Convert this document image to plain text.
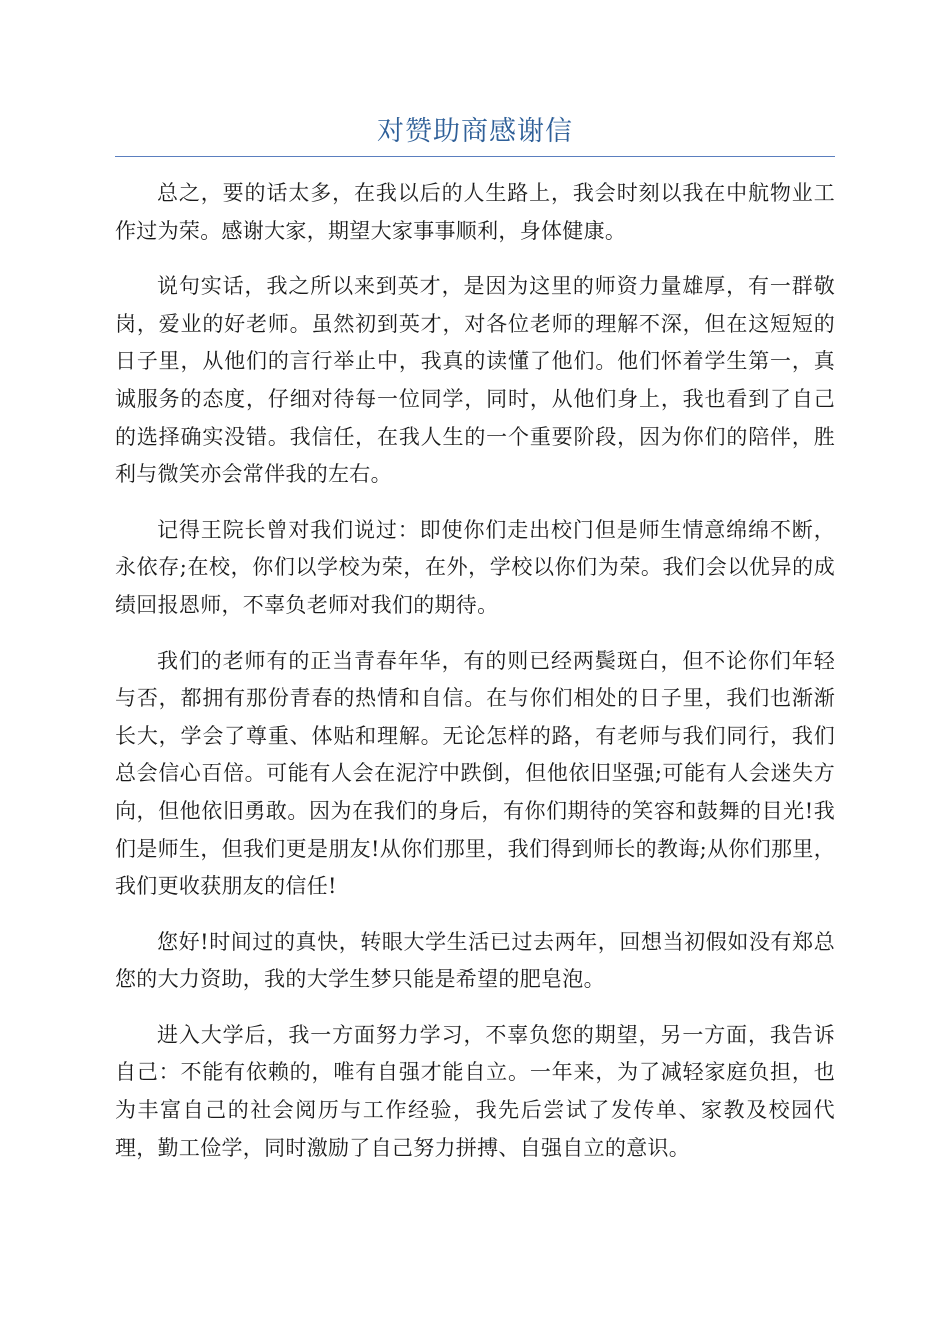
对赞助商感谢信

总之，要的话太多，在我以后的人生路上，我会时刻以我在中航物业工作过为荣。感谢大家，期望大家事事顺利，身体健康。

说句实话，我之所以来到英才，是因为这里的师资力量雄厚，有一群敬岗，爱业的好老师。虽然初到英才，对各位老师的理解不深，但在这短短的日子里，从他们的言行举止中，我真的读懂了他们。他们怀着学生第一，真诚服务的态度，仔细对待每一位同学，同时，从他们身上，我也看到了自己的选择确实没错。我信任，在我人生的一个重要阶段，因为你们的陪伴，胜利与微笑亦会常伴我的左右。

记得王院长曾对我们说过：即使你们走出校门但是师生情意绵绵不断，永依存;在校，你们以学校为荣，在外，学校以你们为荣。我们会以优异的成绩回报恩师，不辜负老师对我们的期待。

我们的老师有的正当青春年华，有的则已经两鬓斑白，但不论你们年轻与否，都拥有那份青春的热情和自信。在与你们相处的日子里，我们也渐渐长大，学会了尊重、体贴和理解。无论怎样的路，有老师与我们同行，我们总会信心百倍。可能有人会在泥泞中跌倒，但他依旧坚强;可能有人会迷失方向，但他依旧勇敢。因为在我们的身后，有你们期待的笑容和鼓舞的目光!我们是师生，但我们更是朋友!从你们那里，我们得到师长的教诲;从你们那里，我们更收获朋友的信任!

您好!时间过的真快，转眼大学生活已过去两年，回想当初假如没有郑总您的大力资助，我的大学生梦只能是希望的肥皂泡。

进入大学后，我一方面努力学习，不辜负您的期望，另一方面，我告诉自己：不能有依赖的，唯有自强才能自立。一年来，为了减轻家庭负担，也为丰富自己的社会阅历与工作经验，我先后尝试了发传单、家教及校园代理，勤工俭学，同时激励了自己努力拼搏、自强自立的意识。
